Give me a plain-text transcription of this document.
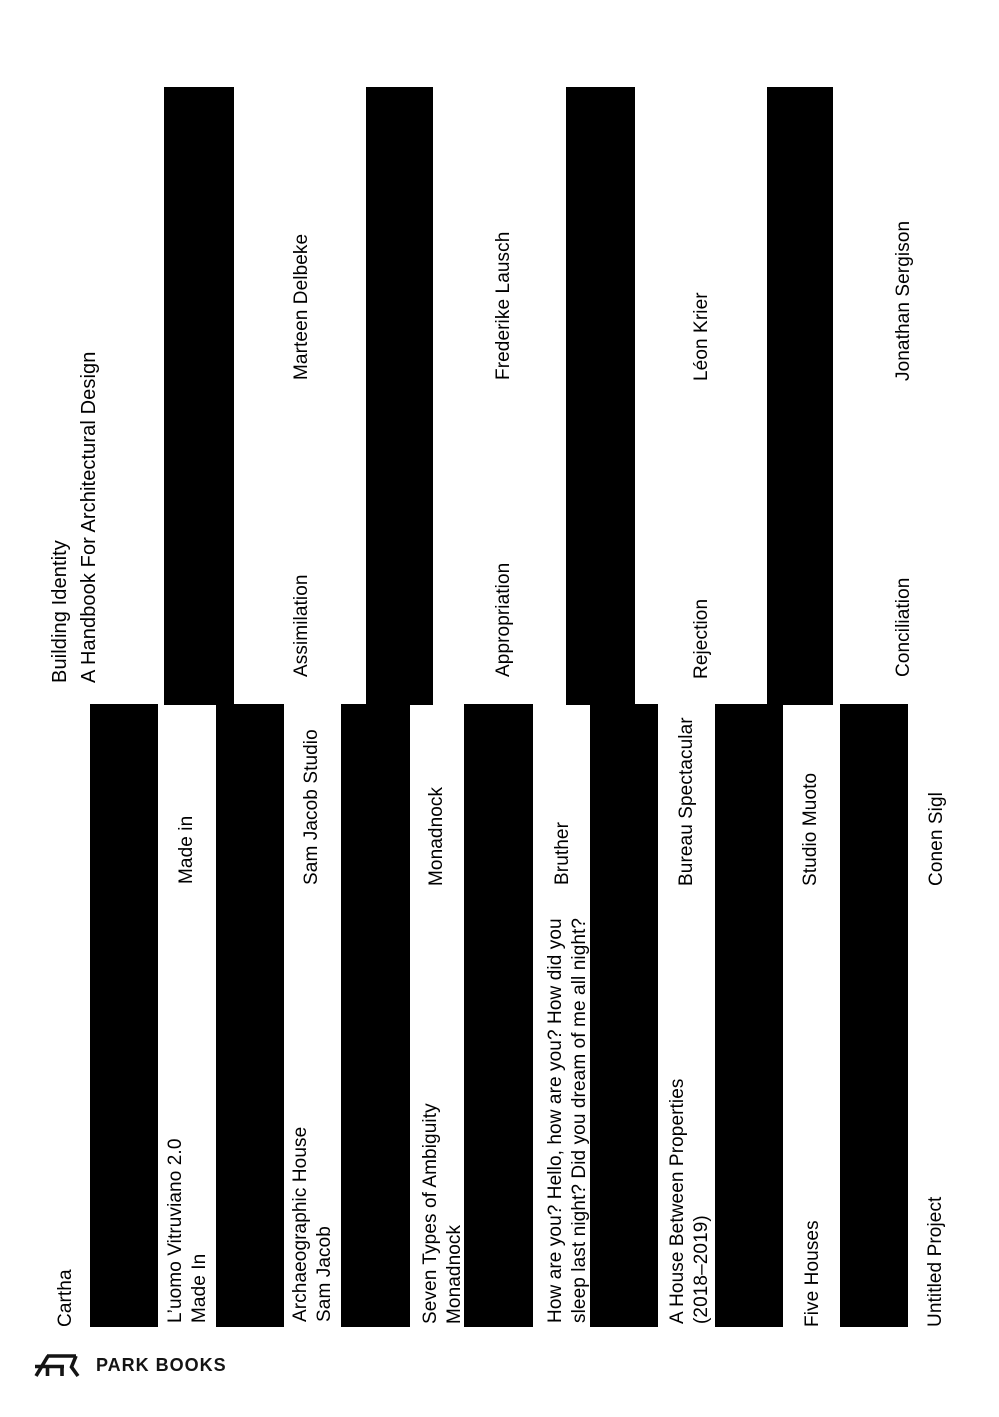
Building Identity A Handbook For Architectural Design
Cartha
Marteen Delbeke	Frederike Lausch	Léon Krier	Jonathan Sergison
Assimilation	Appropriation	Rejection	Conciliation
Made in	Sam Jacob Studio	Monadnock	Bruther	Bureau Spectacular	Studio Muoto	Conen Sigl
L’uomo Vitruviano 2.0 Made In	Archaeographic House Sam Jacob	Seven Types of Ambiguity Monadnock	How are you? Hello, how are you? How did you sleep last night? Did you dream of me all night?	A House Between Properties (2018–2019)	Five Houses	Untitled Project
PARK BOOKS
